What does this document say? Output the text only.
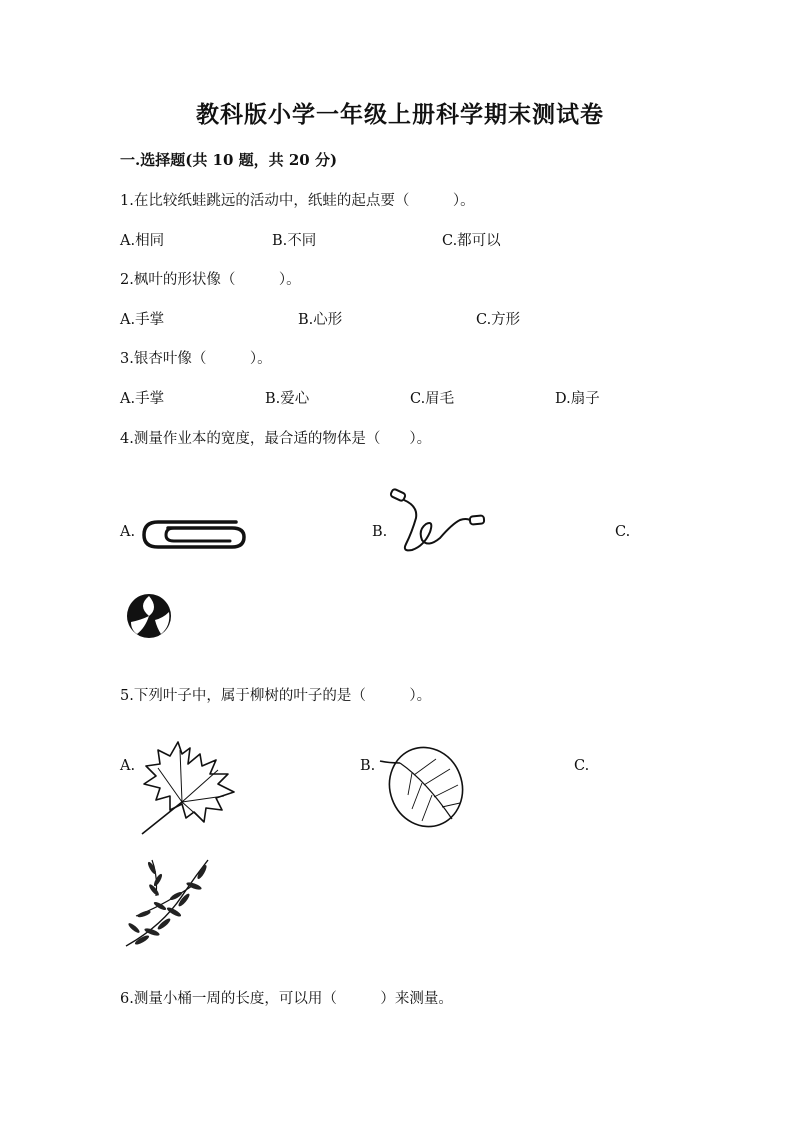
教科版小学一年级上册科学期末测试卷
一.选择题(共 10 题，共 20 分)
1.在比较纸蛙跳远的活动中，纸蛙的起点要（　　　）。
A.相同	B.不同	C.都可以
2.枫叶的形状像（　　　）。
A.手掌	B.心形	C.方形
3.银杏叶像（　　　）。
A.手掌	B.爱心	C.眉毛	D.扇子
4.测量作业本的宽度，最合适的物体是（　　）。
A.	B.	C.
5.下列叶子中，属于柳树的叶子的是（　　　）。
A.	B.	C.
6.测量小桶一周的长度，可以用（　　　）来测量。
